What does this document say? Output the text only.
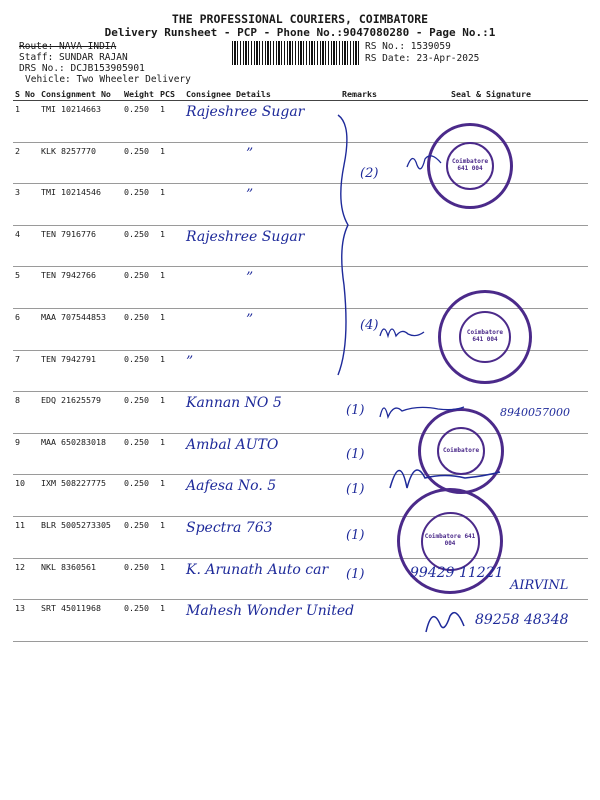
THE PROFESSIONAL COURIERS, COIMBATORE
Delivery Runsheet - PCP - Phone No.:9047080280 - Page No.:1
Route: NAVA INDIA
Staff: SUNDAR RAJAN
DRS No.: DCJB153905901
Vehicle: Two Wheeler Delivery
RS No.: 1539059
RS Date: 23-Apr-2025
S No	Consignment No	Weight	PCS	Consignee Details	Remarks	Seal & Signature
1	TMI 10214663	0.250	1	Rajeshree Sugar		
2	KLK 8257770	0.250	1	”		
3	TMI 10214546	0.250	1	”		
4	TEN 7916776	0.250	1	Rajeshree Sugar		
5	TEN 7942766	0.250	1	”		
6	MAA 707544853	0.250	1	”		
7	TEN 7942791	0.250	1	”		
8	EDQ 21625579	0.250	1	Kannan NO 5		
9	MAA 650283018	0.250	1	Ambal AUTO		
10	IXM 508227775	0.250	1	Aafesa No. 5		
11	BLR 5005273305	0.250	1	Spectra 763		
12	NKL 8360561	0.250	1	K. Arunath Auto car		
13	SRT 45011968	0.250	1	Mahesh Wonder United		
(2)
(4)
(1)
(1)
(1)
(1)
(1)
Coimbatore 641 004
Coimbatore 641 004
Coimbatore
Coimbatore 641 004
8940057000
99429 11221
AIRVINL
89258 48348
